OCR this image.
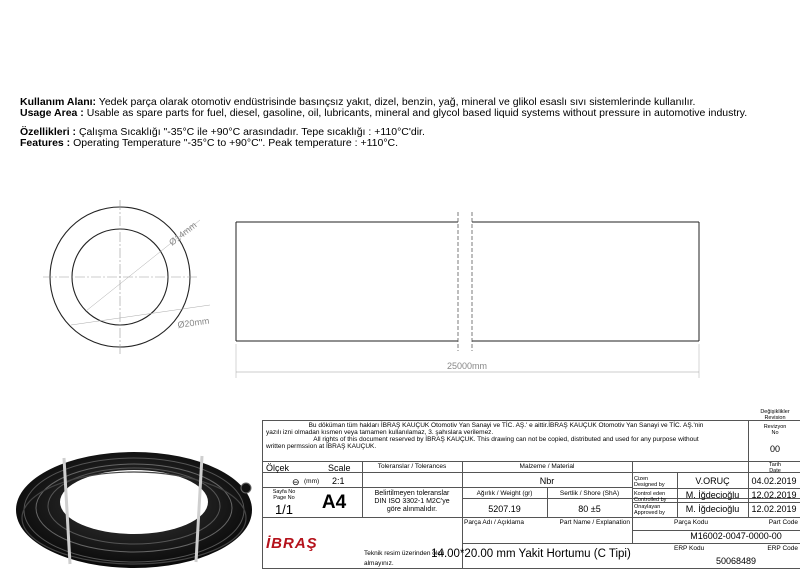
Kullanım Alanı: Yedek parça olarak otomotiv endüstrisinde basınçsız yakıt, dizel, benzin, yağ, mineral ve glikol esaslı sıvı sistemlerinde kullanılır.
Usage Area : Usable as spare parts for fuel, diesel, gasoline, oil, lubricants, mineral and glycol based liquid systems without pressure in automotive industry.
Özellikleri : Çalışma Sıcaklığı "-35°C ile +90°C arasındadır. Tepe sıcaklığı : +110°C'dir.
Features : Operating Temperature "-35°C to +90°C". Peak temperature : +110°C.
Ø14mm
Ø20mm
25000mm
Bu döküman tüm hakları İBRAŞ KAUÇUK Otomotiv Yan Sanayi ve TİC. AŞ.' e aittir.İBRAŞ KAUÇUK Otomotiv Yan Sanayi ve TİC. AŞ.'nin
yazılı izni olmadan kısmen veya tamamen kullanılamaz, 3. şahıslara verilemez.
All rights of this document reserved by İBRAŞ KAUÇUK. This drawing can not be copied, distributed and used for any purpose without
written permssion at İBRAŞ KAUÇUK.
Değişiklikler
Revision
Revizyon
No
00
Tarih
Date
Ölçek	Scale
⊖ (mm) 2:1
Sayfa No
Page No
1/1	A4
Toleranslar / Tolerances
Belirtilmeyen toleranslar
DIN ISO 3302-1 M2C'ye
göre alınmalıdır.
Malzeme / Material
Nbr
Ağırlık / Weight (gr)
5207.19
Sertlik / Shore (ShA)
80 ±5
Çizen
Designed by	V.ORUÇ	04.02.2019
Kontrol eden
Controlled by	M. İğdecioğlu	12.02.2019
Onaylayan
Approved by	M. İğdecioğlu	12.02.2019
İBRAŞ
Parça Adı / Açıklama	Part Name / Explanation	Parça Kodu	Part Code
M16002-0047-0000-00
14.00*20.00 mm Yakit Hortumu (C Tipi)	ERP Kodu	ERP Code
50068489
Teknik resim üzerinden ölçü
almayınız.
